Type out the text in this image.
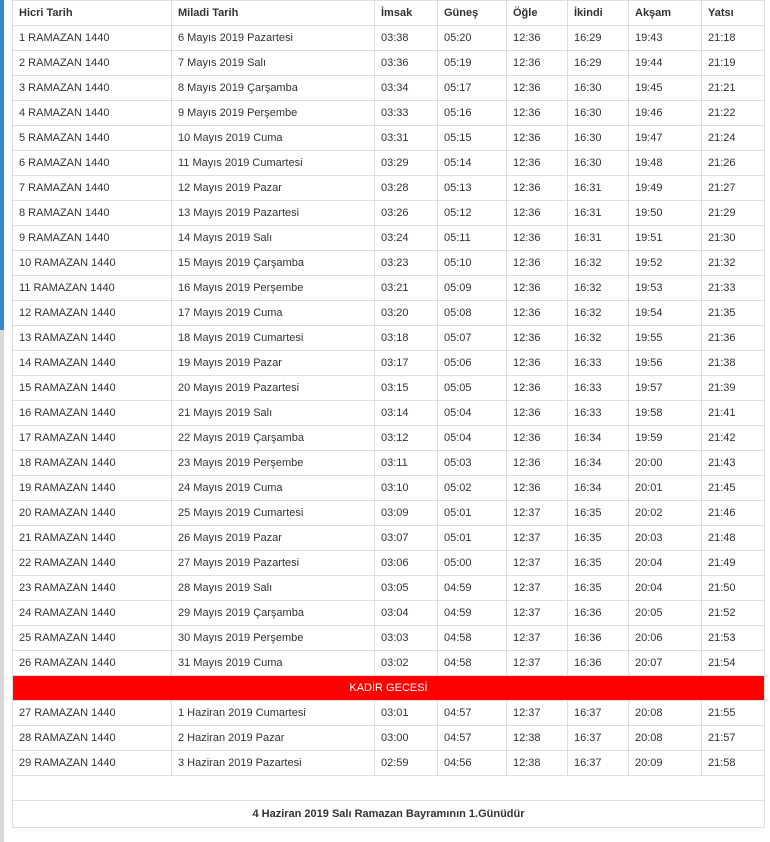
Hicri Tarih	Miladi Tarih	İmsak	Güneş	Öğle	İkindi	Akşam	Yatsı
1 RAMAZAN 1440	6 Mayıs 2019 Pazartesi	03:38	05:20	12:36	16:29	19:43	21:18
2 RAMAZAN 1440	7 Mayıs 2019 Salı	03:36	05:19	12:36	16:29	19:44	21:19
3 RAMAZAN 1440	8 Mayıs 2019 Çarşamba	03:34	05:17	12:36	16:30	19:45	21:21
4 RAMAZAN 1440	9 Mayıs 2019 Perşembe	03:33	05:16	12:36	16:30	19:46	21:22
5 RAMAZAN 1440	10 Mayıs 2019 Cuma	03:31	05:15	12:36	16:30	19:47	21:24
6 RAMAZAN 1440	11 Mayıs 2019 Cumartesi	03:29	05:14	12:36	16:30	19:48	21:26
7 RAMAZAN 1440	12 Mayıs 2019 Pazar	03:28	05:13	12:36	16:31	19:49	21:27
8 RAMAZAN 1440	13 Mayıs 2019 Pazartesi	03:26	05:12	12:36	16:31	19:50	21:29
9 RAMAZAN 1440	14 Mayıs 2019 Salı	03:24	05:11	12:36	16:31	19:51	21:30
10 RAMAZAN 1440	15 Mayıs 2019 Çarşamba	03:23	05:10	12:36	16:32	19:52	21:32
11 RAMAZAN 1440	16 Mayıs 2019 Perşembe	03:21	05:09	12:36	16:32	19:53	21:33
12 RAMAZAN 1440	17 Mayıs 2019 Cuma	03:20	05:08	12:36	16:32	19:54	21:35
13 RAMAZAN 1440	18 Mayıs 2019 Cumartesi	03:18	05:07	12:36	16:32	19:55	21:36
14 RAMAZAN 1440	19 Mayıs 2019 Pazar	03:17	05:06	12:36	16:33	19:56	21:38
15 RAMAZAN 1440	20 Mayıs 2019 Pazartesi	03:15	05:05	12:36	16:33	19:57	21:39
16 RAMAZAN 1440	21 Mayıs 2019 Salı	03:14	05:04	12:36	16:33	19:58	21:41
17 RAMAZAN 1440	22 Mayıs 2019 Çarşamba	03:12	05:04	12:36	16:34	19:59	21:42
18 RAMAZAN 1440	23 Mayıs 2019 Perşembe	03:11	05:03	12:36	16:34	20:00	21:43
19 RAMAZAN 1440	24 Mayıs 2019 Cuma	03:10	05:02	12:36	16:34	20:01	21:45
20 RAMAZAN 1440	25 Mayıs 2019 Cumartesi	03:09	05:01	12:37	16:35	20:02	21:46
21 RAMAZAN 1440	26 Mayıs 2019 Pazar	03:07	05:01	12:37	16:35	20:03	21:48
22 RAMAZAN 1440	27 Mayıs 2019 Pazartesi	03:06	05:00	12:37	16:35	20:04	21:49
23 RAMAZAN 1440	28 Mayıs 2019 Salı	03:05	04:59	12:37	16:35	20:04	21:50
24 RAMAZAN 1440	29 Mayıs 2019 Çarşamba	03:04	04:59	12:37	16:36	20:05	21:52
25 RAMAZAN 1440	30 Mayıs 2019 Perşembe	03:03	04:58	12:37	16:36	20:06	21:53
26 RAMAZAN 1440	31 Mayıs 2019 Cuma	03:02	04:58	12:37	16:36	20:07	21:54
KADİR GECESİ							
27 RAMAZAN 1440	1 Haziran 2019 Cumartesi	03:01	04:57	12:37	16:37	20:08	21:55
28 RAMAZAN 1440	2 Haziran 2019 Pazar	03:00	04:57	12:38	16:37	20:08	21:57
29 RAMAZAN 1440	3 Haziran 2019 Pazartesi	02:59	04:56	12:38	16:37	20:09	21:58

4 Haziran 2019 Salı Ramazan Bayramının 1.Günüdür							
